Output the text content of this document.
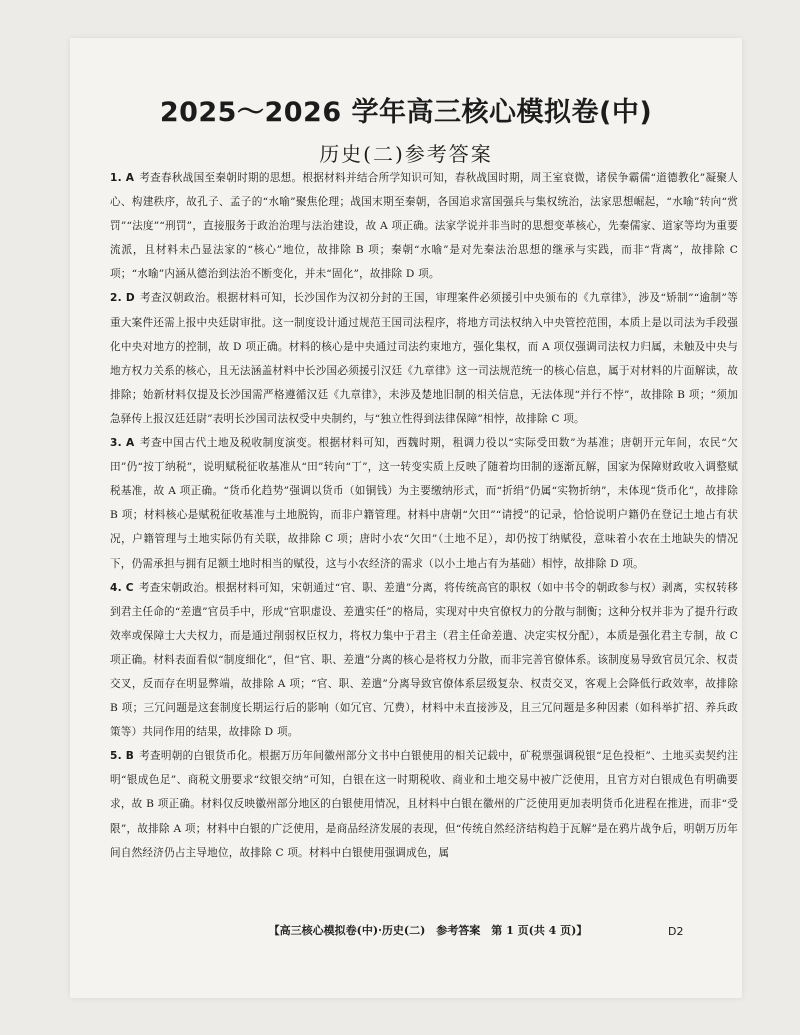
2025～2026 学年高三核心模拟卷(中)
历史(二)参考答案

1. A 考查春秋战国至秦朝时期的思想。根据材料并结合所学知识可知，春秋战国时期，周王室衰微，诸侯争霸儒“道德教化”凝聚人心、构建秩序，故孔子、孟子的“水喻”聚焦伦理；战国末期至秦朝，各国追求富国强兵与集权统治，法家思想崛起，“水喻”转向“赏罚”“法度”“刑罚”，直接服务于政治治理与法治建设，故 A 项正确。法家学说并非当时的思想变革核心，先秦儒家、道家等均为重要流派，且材料未凸显法家的“核心”地位，故排除 B 项；秦朝“水喻”是对先秦法治思想的继承与实践，而非“背离”，故排除 C 项；“水喻”内涵从德治到法治不断变化，并未“固化”，故排除 D 项。

2. D 考查汉朝政治。根据材料可知，长沙国作为汉初分封的王国，审理案件必须援引中央颁布的《九章律》，涉及“矫制”“逾制”等重大案件还需上报中央廷尉审批。这一制度设计通过规范王国司法程序，将地方司法权纳入中央管控范围，本质上是以司法为手段强化中央对地方的控制，故 D 项正确。材料的核心是中央通过司法约束地方，强化集权，而 A 项仅强调司法权力归属，未触及中央与地方权力关系的核心，且无法涵盖材料中长沙国必须援引汉廷《九章律》这一司法规范统一的核心信息，属于对材料的片面解读，故排除；始新材料仅提及长沙国需严格遵循汉廷《九章律》，未涉及楚地旧制的相关信息，无法体现“并行不悖”，故排除 B 项；“须加急驿传上报汉廷廷尉”表明长沙国司法权受中央制约，与“独立性得到法律保障”相悖，故排除 C 项。

3. A 考查中国古代土地及税收制度演变。根据材料可知，西魏时期，租调力役以“实际受田数”为基准；唐朝开元年间，农民“欠田”仍“按丁纳税”，说明赋税征收基准从“田”转向“丁”，这一转变实质上反映了随着均田制的逐渐瓦解，国家为保障财政收入调整赋税基准，故 A 项正确。“货币化趋势”强调以货币（如铜钱）为主要缴纳形式，而“折绢”仍属“实物折纳”，未体现“货币化”，故排除 B 项；材料核心是赋税征收基准与土地脱钩，而非户籍管理。材料中唐朝“欠田”“请授”的记录，恰恰说明户籍仍在登记土地占有状况，户籍管理与土地实际仍有关联，故排除 C 项；唐时小农“欠田”（土地不足），却仍按丁纳赋役，意味着小农在土地缺失的情况下，仍需承担与拥有足额土地时相当的赋役，这与小农经济的需求（以小土地占有为基础）相悖，故排除 D 项。

4. C 考查宋朝政治。根据材料可知，宋朝通过“官、职、差遣”分离，将传统高官的职权（如中书令的朝政参与权）剥离，实权转移到君主任命的“差遣”官员手中，形成“官职虚设、差遣实任”的格局，实现对中央官僚权力的分散与制衡；这种分权并非为了提升行政效率或保障士大夫权力，而是通过削弱权臣权力，将权力集中于君主（君主任命差遣、决定实权分配），本质是强化君主专制，故 C 项正确。材料表面看似“制度细化”，但“官、职、差遣”分离的核心是将权力分散，而非完善官僚体系。该制度易导致官员冗余、权责交叉，反而存在明显弊端，故排除 A 项；“官、职、差遣”分离导致官僚体系层级复杂、权责交叉，客观上会降低行政效率，故排除 B 项；三冗问题是这套制度长期运行后的影响（如冗官、冗费），材料中未直接涉及，且三冗问题是多种因素（如科举扩招、养兵政策等）共同作用的结果，故排除 D 项。

5. B 考查明朝的白银货币化。根据万历年间徽州部分文书中白银使用的相关记载中，矿税票强调税银“足色投柜”、土地买卖契约注明“银成色足”、商税文册要求“纹银交纳”可知，白银在这一时期税收、商业和土地交易中被广泛使用，且官方对白银成色有明确要求，故 B 项正确。材料仅反映徽州部分地区的白银使用情况，且材料中白银在徽州的广泛使用更加表明货币化进程在推进，而非“受限”，故排除 A 项；材料中白银的广泛使用，是商品经济发展的表现，但“传统自然经济结构趋于瓦解”是在鸦片战争后，明朝万历年间自然经济仍占主导地位，故排除 C 项。材料中白银使用强调成色，属

【高三核心模拟卷(中)·历史(二)　参考答案　第 1 页(共 4 页)】	D2
